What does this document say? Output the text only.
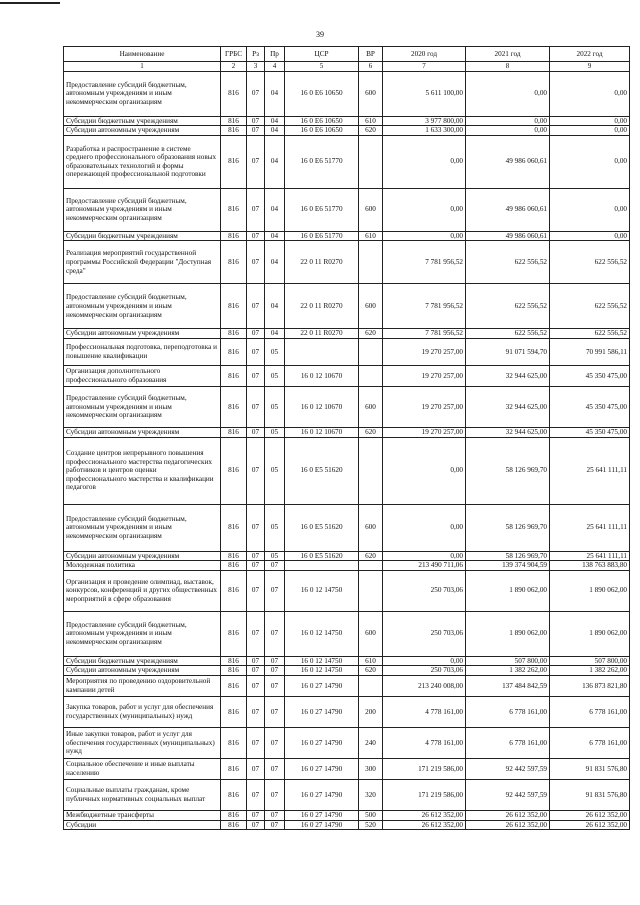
39
Наименование	ГРБС	Рз	Пр	ЦСР	ВР	2020 год	2021 год	2022 год
1	2	3	4	5	6	7	8	9
Предоставление субсидий бюджетным, автономным учреждениям и иным некоммерческим организациям	816	07	04	16 0 E6 10650	600	5 611 100,00	0,00	0,00
Субсидии бюджетным учреждениям	816	07	04	16 0 E6 10650	610	3 977 800,00	0,00	0,00
Субсидии автономным учреждениям	816	07	04	16 0 E6 10650	620	1 633 300,00	0,00	0,00
Разработка и распространение в системе среднего профессионального образования новых образовательных технологий и формы опережающей профессиональной подготовки	816	07	04	16 0 E6 51770		0,00	49 986 060,61	0,00
Предоставление субсидий бюджетным, автономным учреждениям и иным некоммерческим организациям	816	07	04	16 0 E6 51770	600	0,00	49 986 060,61	0,00
Субсидии бюджетным учреждениям	816	07	04	16 0 E6 51770	610	0,00	49 986 060,61	0,00
Реализация мероприятий государственной программы Российской Федерации "Доступная среда"	816	07	04	22 0 11 R0270		7 781 956,52	622 556,52	622 556,52
Предоставление субсидий бюджетным, автономным учреждениям и иным некоммерческим организациям	816	07	04	22 0 11 R0270	600	7 781 956,52	622 556,52	622 556,52
Субсидии автономным учреждениям	816	07	04	22 0 11 R0270	620	7 781 956,52	622 556,52	622 556,52
Профессиональная подготовка, переподготовка и повышение квалификации	816	07	05			19 270 257,00	91 071 594,70	70 991 586,11
Организация дополнительного профессионального образования	816	07	05	16 0 12 10670		19 270 257,00	32 944 625,00	45 350 475,00
Предоставление субсидий бюджетным, автономным учреждениям и иным некоммерческим организациям	816	07	05	16 0 12 10670	600	19 270 257,00	32 944 625,00	45 350 475,00
Субсидии автономным учреждениям	816	07	05	16 0 12 10670	620	19 270 257,00	32 944 625,00	45 350 475,00
Создание центров непрерывного повышения профессионального мастерства педагогических работников и центров оценки профессионального мастерства и квалификации педагогов	816	07	05	16 0 E5 51620		0,00	58 126 969,70	25 641 111,11
Предоставление субсидий бюджетным, автономным учреждениям и иным некоммерческим организациям	816	07	05	16 0 E5 51620	600	0,00	58 126 969,70	25 641 111,11
Субсидии автономным учреждениям	816	07	05	16 0 E5 51620	620	0,00	58 126 969,70	25 641 111,11
Молодежная политика	816	07	07			213 490 711,06	139 374 904,59	138 763 883,80
Организация и проведение олимпиад, выставок, конкурсов, конференций и других общественных мероприятий в сфере образования	816	07	07	16 0 12 14750		250 703,06	1 890 062,00	1 890 062,00
Предоставление субсидий бюджетным, автономным учреждениям и иным некоммерческим организациям	816	07	07	16 0 12 14750	600	250 703,06	1 890 062,00	1 890 062,00
Субсидии бюджетным учреждениям	816	07	07	16 0 12 14750	610	0,00	507 800,00	507 800,00
Субсидии автономным учреждениям	816	07	07	16 0 12 14750	620	250 703,06	1 382 262,00	1 382 262,00
Мероприятия по проведению оздоровительной кампании детей	816	07	07	16 0 27 14790		213 240 008,00	137 484 842,59	136 873 821,80
Закупка товаров, работ и услуг для обеспечения государственных (муниципальных) нужд	816	07	07	16 0 27 14790	200	4 778 161,00	6 778 161,00	6 778 161,00
Иные закупки товаров, работ и услуг для обеспечения государственных (муниципальных) нужд	816	07	07	16 0 27 14790	240	4 778 161,00	6 778 161,00	6 778 161,00
Социальное обеспечение и иные выплаты населению	816	07	07	16 0 27 14790	300	171 219 586,00	92 442 597,59	91 831 576,80
Социальные выплаты гражданам, кроме публичных нормативных социальных выплат	816	07	07	16 0 27 14790	320	171 219 586,00	92 442 597,59	91 831 576,80
Межбюджетные трансферты	816	07	07	16 0 27 14790	500	26 612 352,00	26 612 352,00	26 612 352,00
Субсидии	816	07	07	16 0 27 14790	520	26 612 352,00	26 612 352,00	26 612 352,00
